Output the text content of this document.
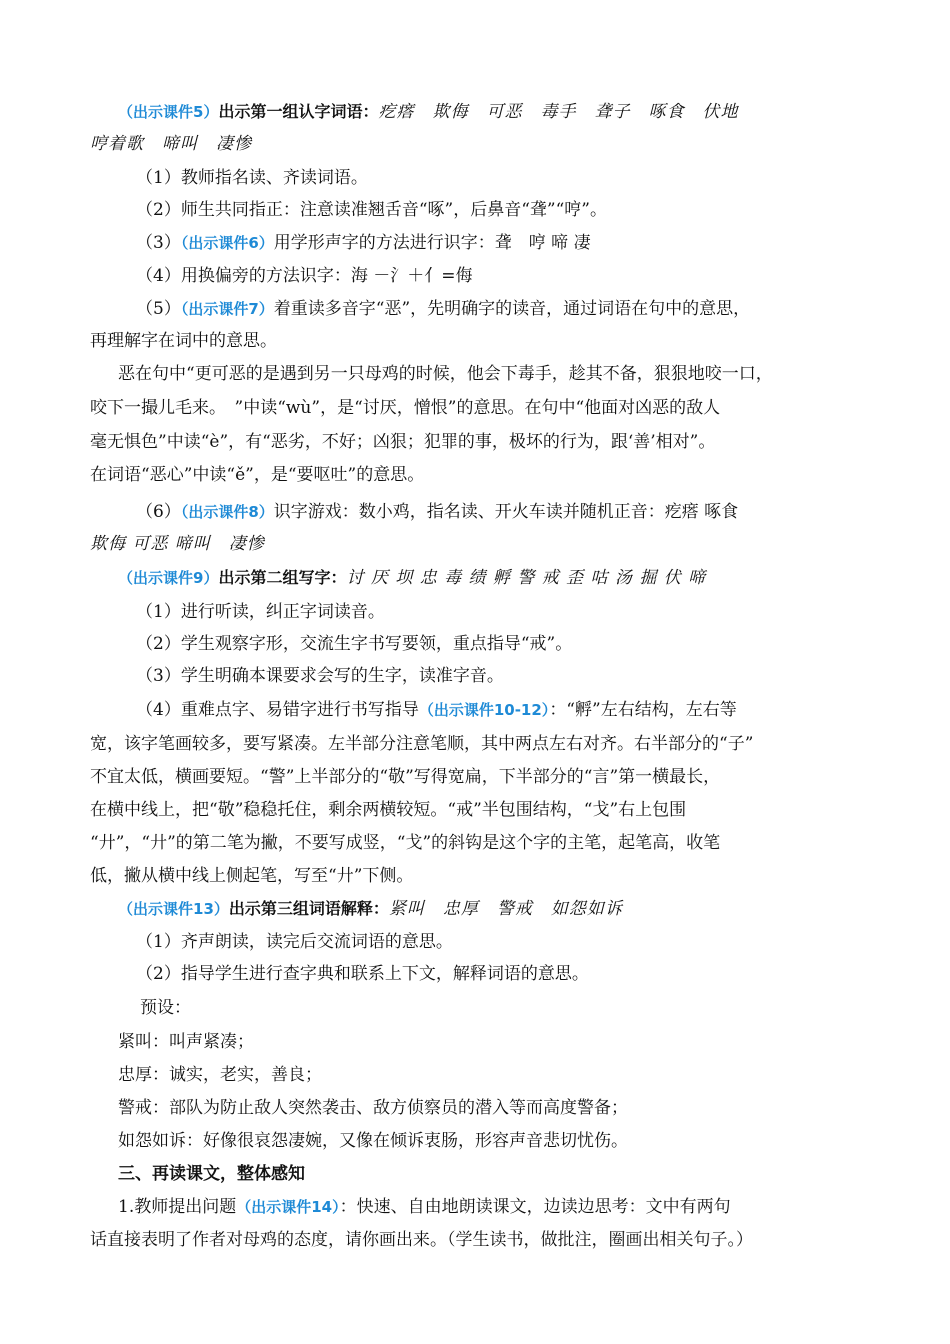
（出示课件5）出示第一组认字词语：疙瘩　欺侮　可恶　毒手　聋子　啄食　伏地
哼着歌　啼叫　凄惨
（1）教师指名读、齐读词语。
（2）师生共同指正：注意读准翘舌音“啄”，后鼻音“聋”“哼”。
（3）（出示课件6）用学形声字的方法进行识字：聋　哼 啼 凄
（4）用换偏旁的方法识字：海 －氵＋亻=侮
（5）（出示课件7）着重读多音字“恶”，先明确字的读音，通过词语在句中的意思，
再理解字在词中的意思。
恶在句中“更可恶的是遇到另一只母鸡的时候，他会下毒手，趁其不备，狠狠地咬一口，
咬下一撮儿毛来。　”中读“wù”，是“讨厌，憎恨”的意思。在句中“他面对凶恶的敌人
毫无惧色”中读“è”，有“恶劣，不好；凶狠；犯罪的事，极坏的行为，跟‘善’相对”。
在词语“恶心”中读“ě”，是“要呕吐”的意思。
（6）（出示课件8）识字游戏：数小鸡，指名读、开火车读并随机正音：疙瘩 啄食
欺侮 可恶 啼叫　凄惨
（出示课件9）出示第二组写字：讨 厌 坝 忠 毒 绩 孵 警 戒 歪 咕 汤 掘 伏 啼
（1）进行听读，纠正字词读音。
（2）学生观察字形，交流生字书写要领，重点指导“戒”。
（3）学生明确本课要求会写的生字，读准字音。
（4）重难点字、易错字进行书写指导（出示课件10-12）：“孵”左右结构，左右等
宽，该字笔画较多，要写紧凑。左半部分注意笔顺，其中两点左右对齐。右半部分的“子”
不宜太低，横画要短。“警”上半部分的“敬”写得宽扁，下半部分的“言”第一横最长，
在横中线上，把“敬”稳稳托住，剩余两横较短。“戒”半包围结构，“戈”右上包围
“廾”，“廾”的第二笔为撇，不要写成竖，“戈”的斜钩是这个字的主笔，起笔高，收笔
低，撇从横中线上侧起笔，写至“廾”下侧。
（出示课件13）出示第三组词语解释：紧叫　忠厚　警戒　如怨如诉
（1）齐声朗读，读完后交流词语的意思。
（2）指导学生进行查字典和联系上下文，解释词语的意思。
预设：
紧叫：叫声紧凑；
忠厚：诚实，老实，善良；
警戒：部队为防止敌人突然袭击、敌方侦察员的潜入等而高度警备；
如怨如诉：好像很哀怨凄婉，又像在倾诉衷肠，形容声音悲切忧伤。
三、再读课文，整体感知
1.教师提出问题（出示课件14）：快速、自由地朗读课文，边读边思考：文中有两句
话直接表明了作者对母鸡的态度，请你画出来。（学生读书，做批注，圈画出相关句子。）
